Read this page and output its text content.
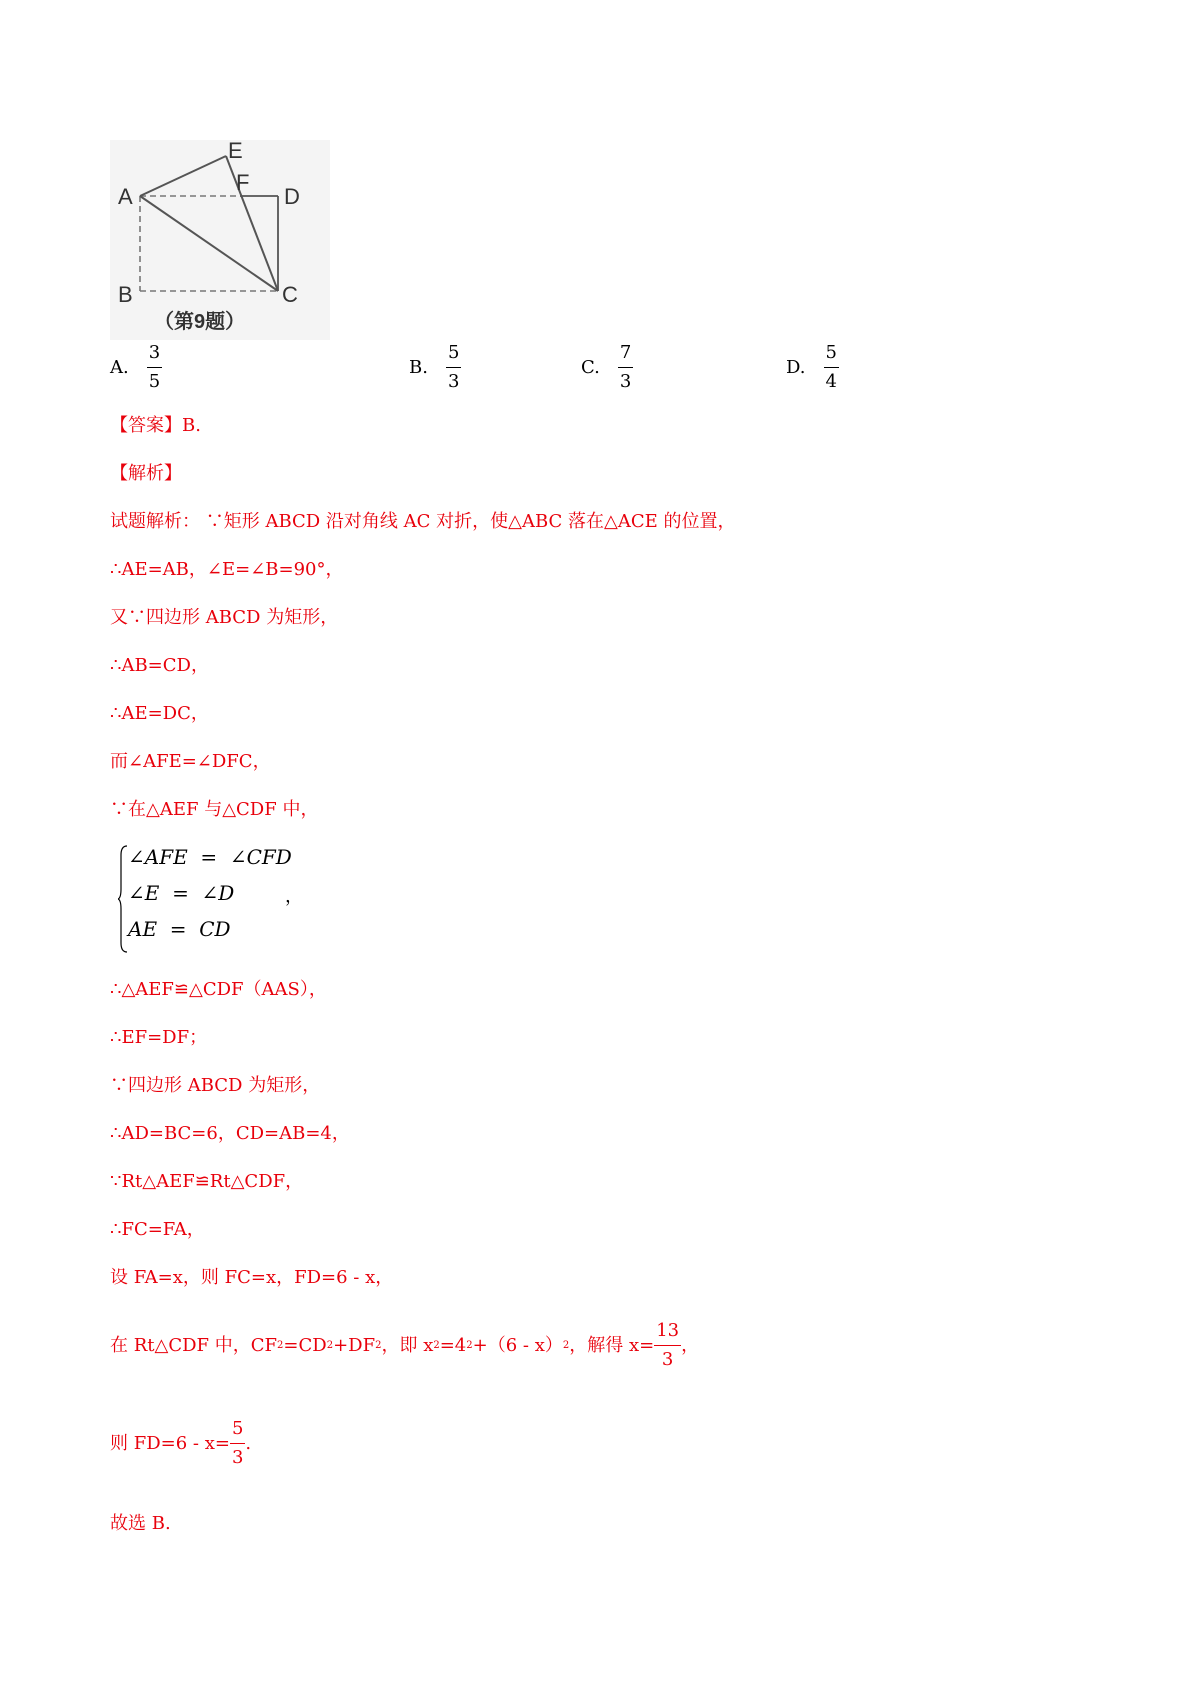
A
B	C
D
E
F
（第9题）
A. $\frac{3}{5}$	B. $\frac{5}{3}$	C. $\frac{7}{3}$	D. $\frac{5}{4}$
【答案】B.
【解析】
试题解析： ∵矩形 ABCD 沿对角线 AC 对折，使△ABC 落在△ACE 的位置，
∴AE=AB，∠E=∠B=90°，
又∵四边形 ABCD 为矩形，
∴AB=CD，
∴AE=DC，
而∠AFE=∠DFC，
∵在△AEF 与△CDF 中，
∠AFE  =  ∠CFD
∠E  =  ∠D
AE  =  CD
，
∴△AEF≌△CDF（AAS），
∴EF=DF；
∵四边形 ABCD 为矩形，
∴AD=BC=6，CD=AB=4，
∵Rt△AEF≌Rt△CDF，
∴FC=FA，
设 FA=x，则 FC=x，FD=6 - x，
在 Rt△CDF 中，CF 2 =CD 2 +DF 2 ，即 x 2 =4 2 +（6 - x） 2 ，解得 $x= \frac{13}{3}$ ，
则 $FD=6 - x= \frac{5}{3}$ .
故选 B.
